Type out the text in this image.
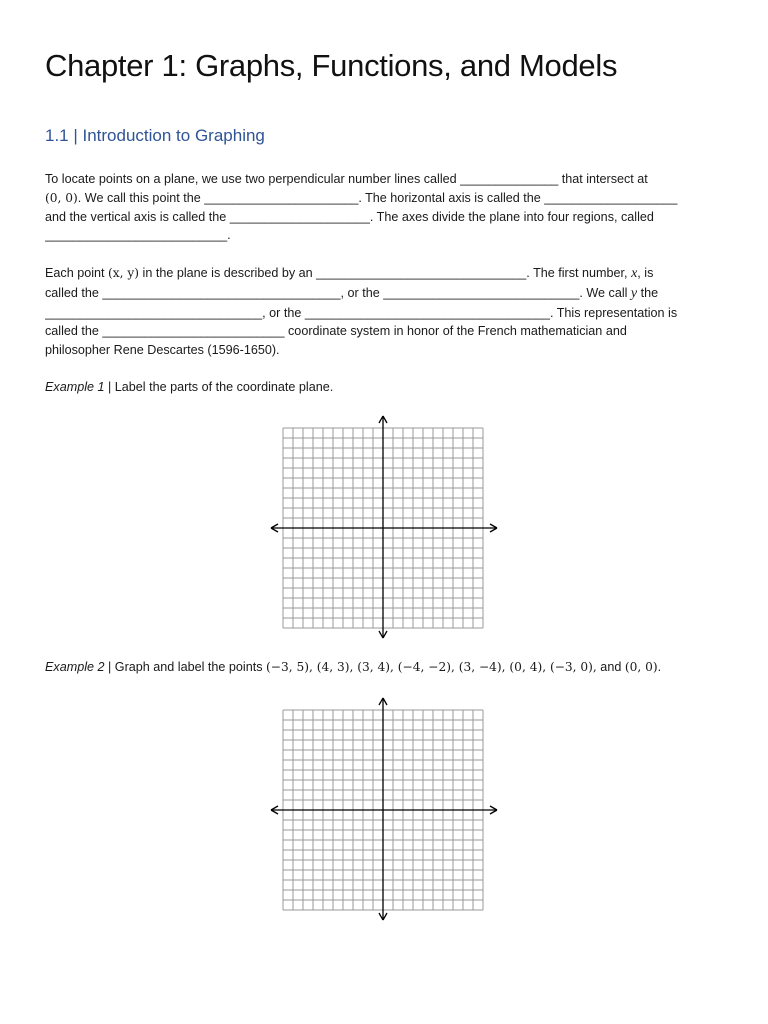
Chapter 1: Graphs, Functions, and Models
1.1 | Introduction to Graphing
To locate points on a plane, we use two perpendicular number lines called ______________ that intersect at
(0, 0). We call this point the ______________________. The horizontal axis is called the ___________________
and the vertical axis is called the ____________________. The axes divide the plane into four regions, called
__________________________.
Each point (x, y) in the plane is described by an ______________________________. The first number, x, is
called the __________________________________, or the ____________________________. We call y the
_______________________________, or the ___________________________________. This representation is
called the __________________________ coordinate system in honor of the French mathematician and
philosopher Rene Descartes (1596-1650).
Example 1 | Label the parts of the coordinate plane.
Example 2 | Graph and label the points (−3, 5), (4, 3), (3, 4), (−4, −2), (3, −4), (0, 4), (−3, 0), and (0, 0).
